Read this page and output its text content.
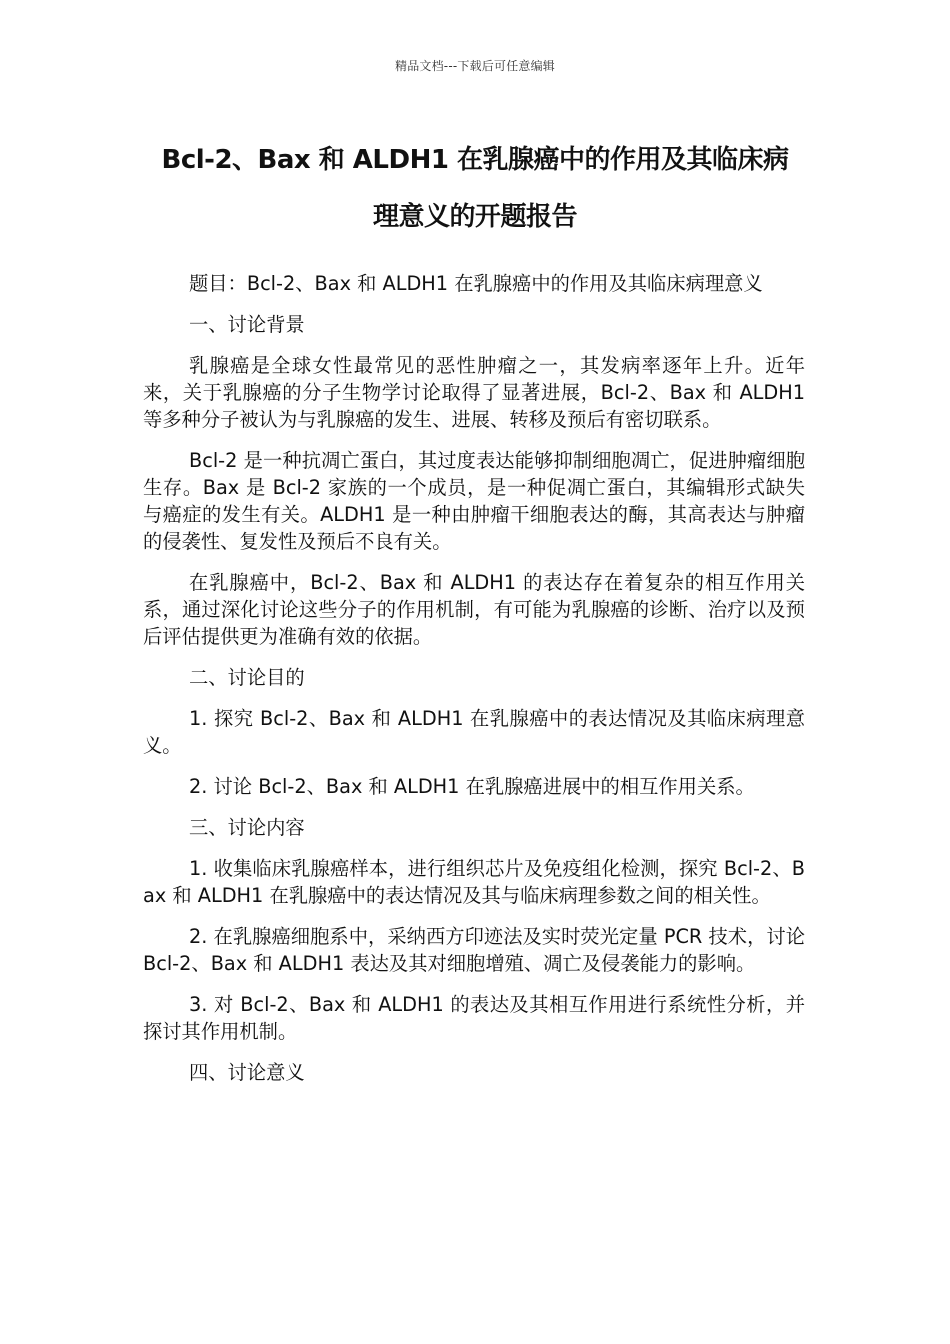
精品文档---下载后可任意编辑
Bcl-2、Bax 和 ALDH1 在乳腺癌中的作用及其临床病
理意义的开题报告

题目：Bcl-2、Bax 和 ALDH1 在乳腺癌中的作用及其临床病理意义

一、讨论背景

乳腺癌是全球女性最常见的恶性肿瘤之一，其发病率逐年上升。近年来，关于乳腺癌的分子生物学讨论取得了显著进展，Bcl-2、Bax 和 ALDH1 等多种分子被认为与乳腺癌的发生、进展、转移及预后有密切联系。

Bcl-2 是一种抗凋亡蛋白，其过度表达能够抑制细胞凋亡，促进肿瘤细胞生存。Bax 是 Bcl-2 家族的一个成员，是一种促凋亡蛋白，其编辑形式缺失与癌症的发生有关。ALDH1 是一种由肿瘤干细胞表达的酶，其高表达与肿瘤的侵袭性、复发性及预后不良有关。

在乳腺癌中，Bcl-2、Bax 和 ALDH1 的表达存在着复杂的相互作用关系，通过深化讨论这些分子的作用机制，有可能为乳腺癌的诊断、治疗以及预后评估提供更为准确有效的依据。

二、讨论目的

1. 探究 Bcl-2、Bax 和 ALDH1 在乳腺癌中的表达情况及其临床病理意义。

2. 讨论 Bcl-2、Bax 和 ALDH1 在乳腺癌进展中的相互作用关系。

三、讨论内容

1. 收集临床乳腺癌样本，进行组织芯片及免疫组化检测，探究 Bcl-2、Bax 和 ALDH1 在乳腺癌中的表达情况及其与临床病理参数之间的相关性。

2. 在乳腺癌细胞系中，采纳西方印迹法及实时荧光定量 PCR 技术，讨论 Bcl-2、Bax 和 ALDH1 表达及其对细胞增殖、凋亡及侵袭能力的影响。

3. 对 Bcl-2、Bax 和 ALDH1 的表达及其相互作用进行系统性分析，并探讨其作用机制。

四、讨论意义
